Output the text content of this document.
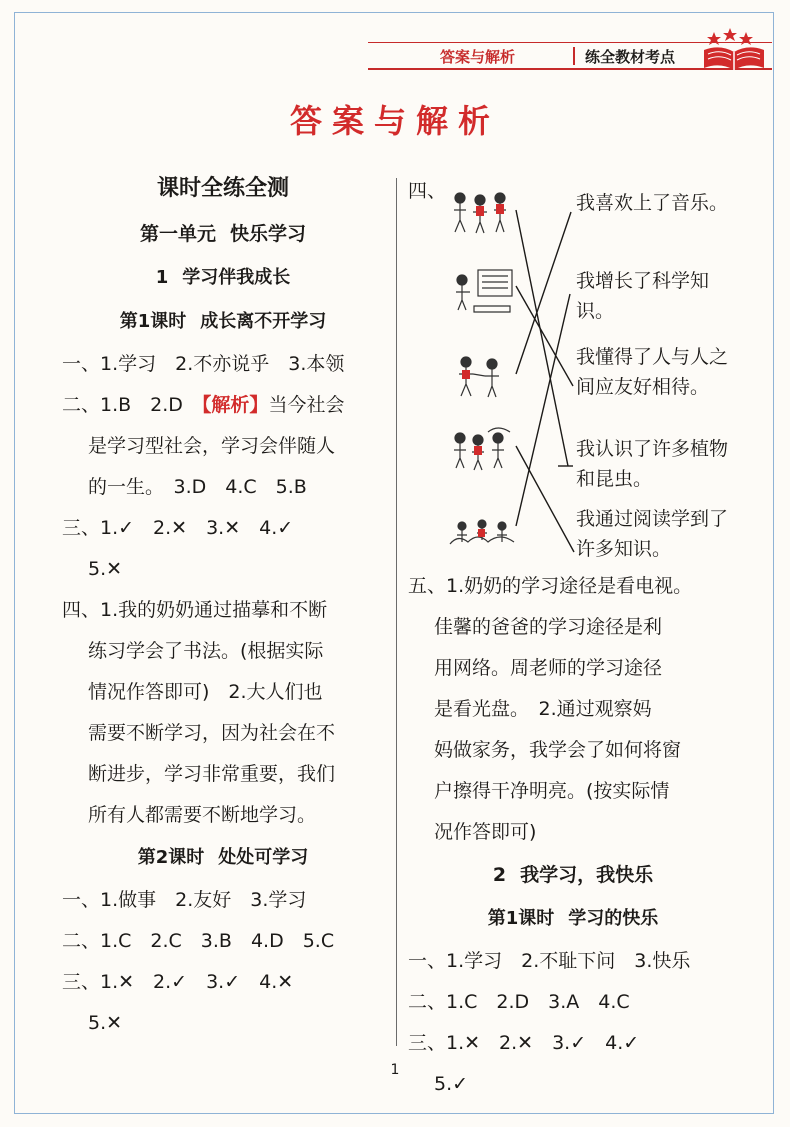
答案与解析	练全教材考点
答案与解析
课时全练全测
第一单元 快乐学习
1 学习伴我成长
第1课时 成长离不开学习
一、1.学习　2.不亦说乎　3.本领
二、1.B　2.D　【解析】当今社会
是学习型社会，学习会伴随人
的一生。　3.D　4.C　5.B
三、1.✓　2.✕　3.✕　4.✓
5.✕
四、1.我的奶奶通过描摹和不断
练习学会了书法。(根据实际
情况作答即可)　2.大人们也
需要不断学习，因为社会在不
断进步，学习非常重要，我们
所有人都需要不断地学习。
第2课时 处处可学习
一、1.做事　2.友好　3.学习
二、1.C　2.C　3.B　4.D　5.C
三、1.✕　2.✓　3.✓　4.✕
5.✕
四、
我喜欢上了音乐。
我增长了科学知识。
我懂得了人与人之间应友好相待。
我认识了许多植物和昆虫。
我通过阅读学到了许多知识。
五、1.奶奶的学习途径是看电视。
佳馨的爸爸的学习途径是利
用网络。周老师的学习途径
是看光盘。　2.通过观察妈
妈做家务，我学会了如何将窗
户擦得干净明亮。(按实际情
况作答即可)
2 我学习，我快乐
第1课时 学习的快乐
一、1.学习　2.不耻下问　3.快乐
二、1.C　2.D　3.A　4.C
三、1.✕　2.✕　3.✓　4.✓
5.✓
1
